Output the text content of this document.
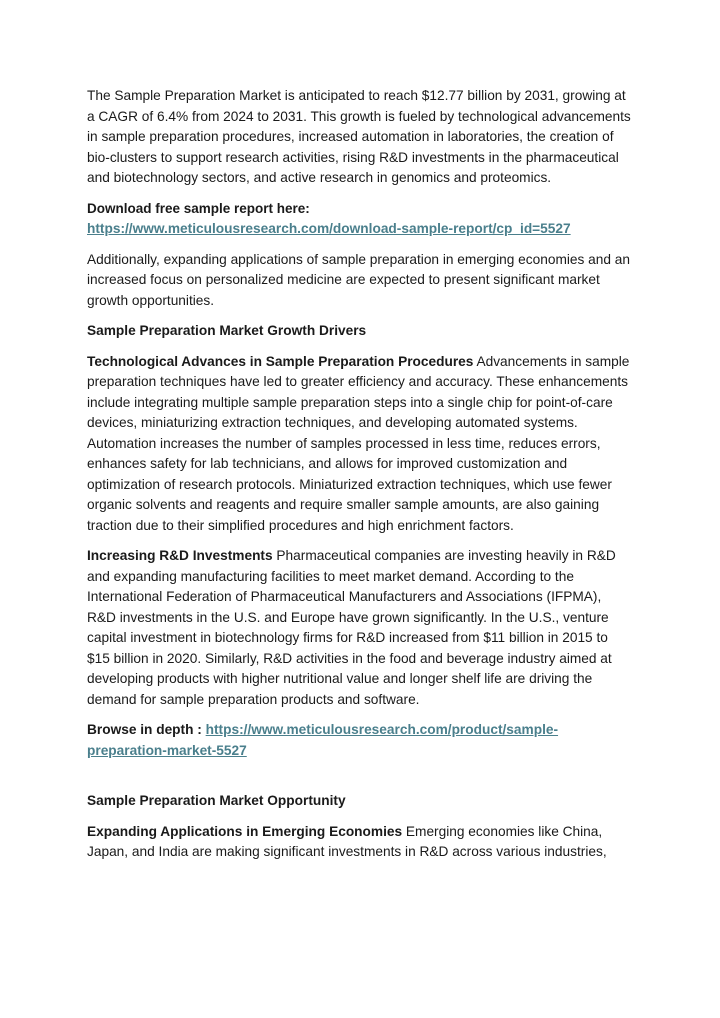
The Sample Preparation Market is anticipated to reach $12.77 billion by 2031, growing at a CAGR of 6.4% from 2024 to 2031. This growth is fueled by technological advancements in sample preparation procedures, increased automation in laboratories, the creation of bio-clusters to support research activities, rising R&D investments in the pharmaceutical and biotechnology sectors, and active research in genomics and proteomics.

Download free sample report here:

https://www.meticulousresearch.com/download-sample-report/cp_id=5527

Additionally, expanding applications of sample preparation in emerging economies and an increased focus on personalized medicine are expected to present significant market growth opportunities.

Sample Preparation Market Growth Drivers

Technological Advances in Sample Preparation Procedures Advancements in sample preparation techniques have led to greater efficiency and accuracy. These enhancements include integrating multiple sample preparation steps into a single chip for point-of-care devices, miniaturizing extraction techniques, and developing automated systems. Automation increases the number of samples processed in less time, reduces errors, enhances safety for lab technicians, and allows for improved customization and optimization of research protocols. Miniaturized extraction techniques, which use fewer organic solvents and reagents and require smaller sample amounts, are also gaining traction due to their simplified procedures and high enrichment factors.

Increasing R&D Investments Pharmaceutical companies are investing heavily in R&D and expanding manufacturing facilities to meet market demand. According to the International Federation of Pharmaceutical Manufacturers and Associations (IFPMA), R&D investments in the U.S. and Europe have grown significantly. In the U.S., venture capital investment in biotechnology firms for R&D increased from $11 billion in 2015 to $15 billion in 2020. Similarly, R&D activities in the food and beverage industry aimed at developing products with higher nutritional value and longer shelf life are driving the demand for sample preparation products and software.

Browse in depth : https://www.meticulousresearch.com/product/sample-preparation-market-5527

Sample Preparation Market Opportunity

Expanding Applications in Emerging Economies Emerging economies like China, Japan, and India are making significant investments in R&D across various industries,
